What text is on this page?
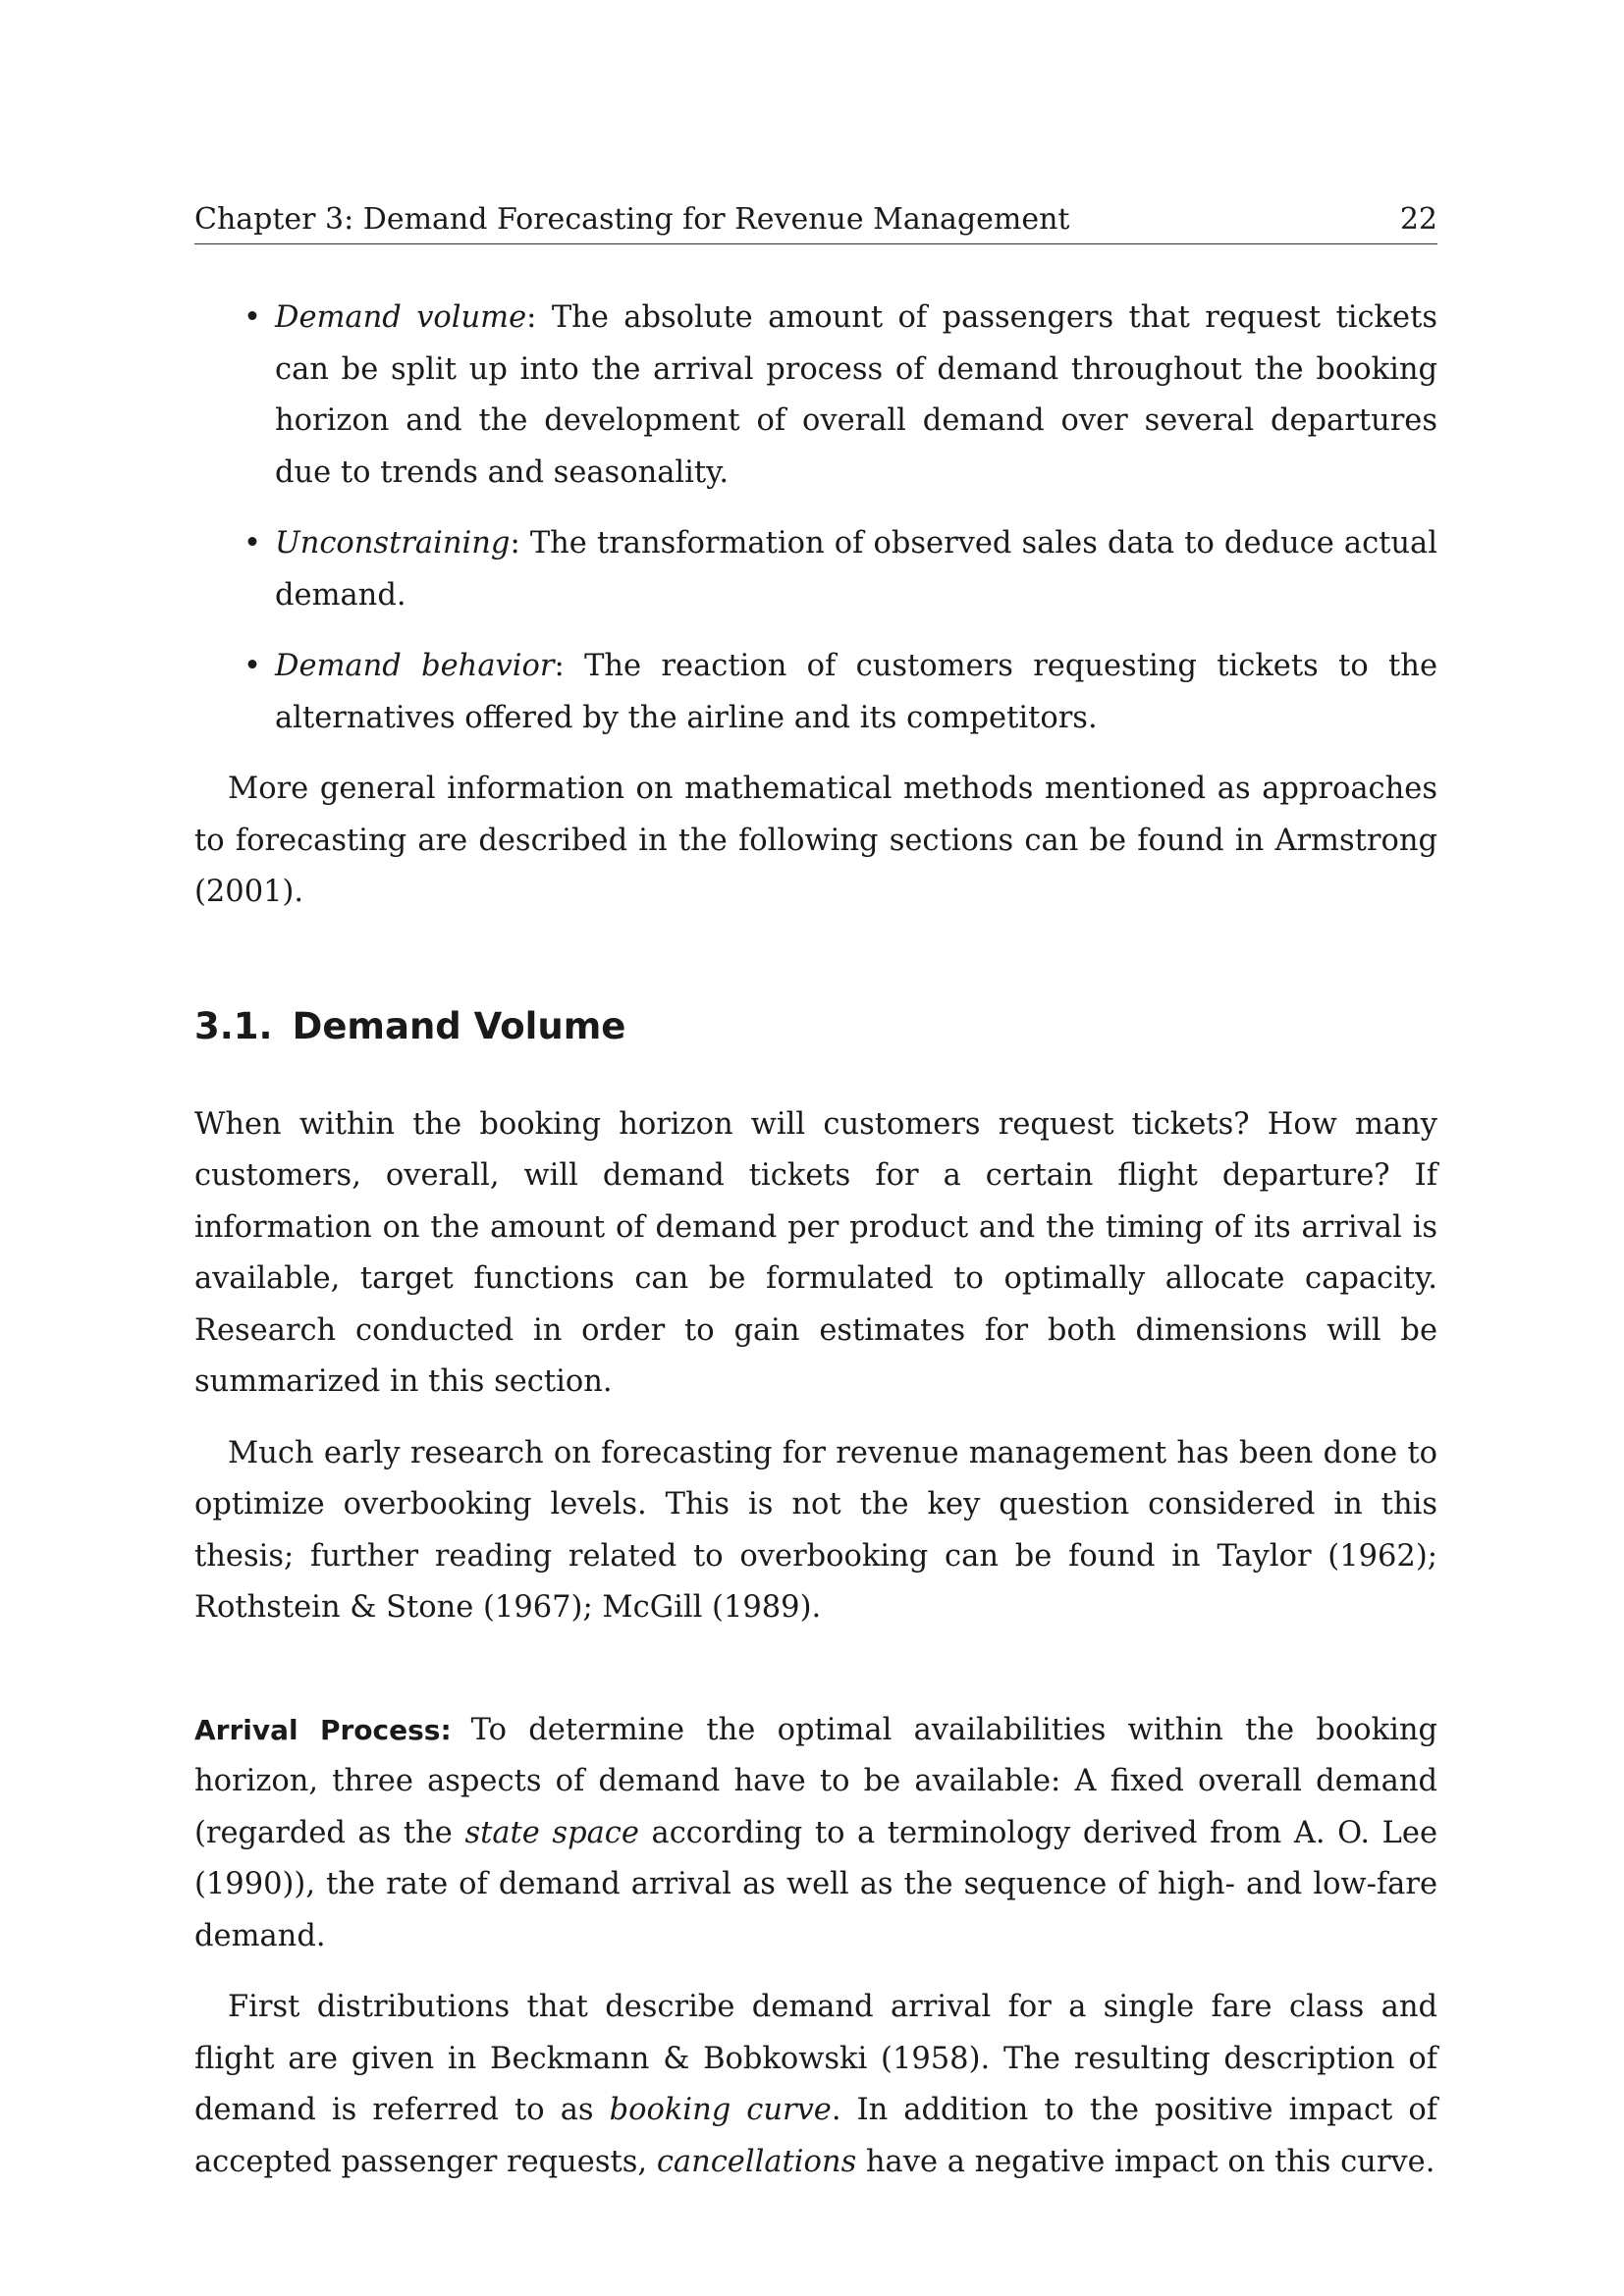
Chapter 3: Demand Forecasting for Revenue Management	22
• Demand volume: The absolute amount of passengers that request tickets can be split up into the arrival process of demand throughout the booking horizon and the development of overall demand over several departures due to trends and seasonality.
• Unconstraining: The transformation of observed sales data to deduce actual demand.
• Demand behavior: The reaction of customers requesting tickets to the alternatives offered by the airline and its competitors.

More general information on mathematical methods mentioned as approaches to forecasting are described in the following sections can be found in Armstrong (2001).

3.1. Demand Volume

When within the booking horizon will customers request tickets? How many customers, overall, will demand tickets for a certain flight departure? If information on the amount of demand per product and the timing of its arrival is available, target functions can be formulated to optimally allocate capacity. Research conducted in order to gain estimates for both dimensions will be summarized in this section.

Much early research on forecasting for revenue management has been done to optimize overbooking levels. This is not the key question considered in this thesis; further reading related to overbooking can be found in Taylor (1962); Rothstein & Stone (1967); McGill (1989).

Arrival Process: To determine the optimal availabilities within the booking horizon, three aspects of demand have to be available: A fixed overall demand (regarded as the state space according to a terminology derived from A. O. Lee (1990)), the rate of demand arrival as well as the sequence of high- and low-fare demand.

First distributions that describe demand arrival for a single fare class and flight are given in Beckmann & Bobkowski (1958). The resulting description of demand is referred to as booking curve. In addition to the positive impact of accepted passenger requests, cancellations have a negative impact on this curve.
